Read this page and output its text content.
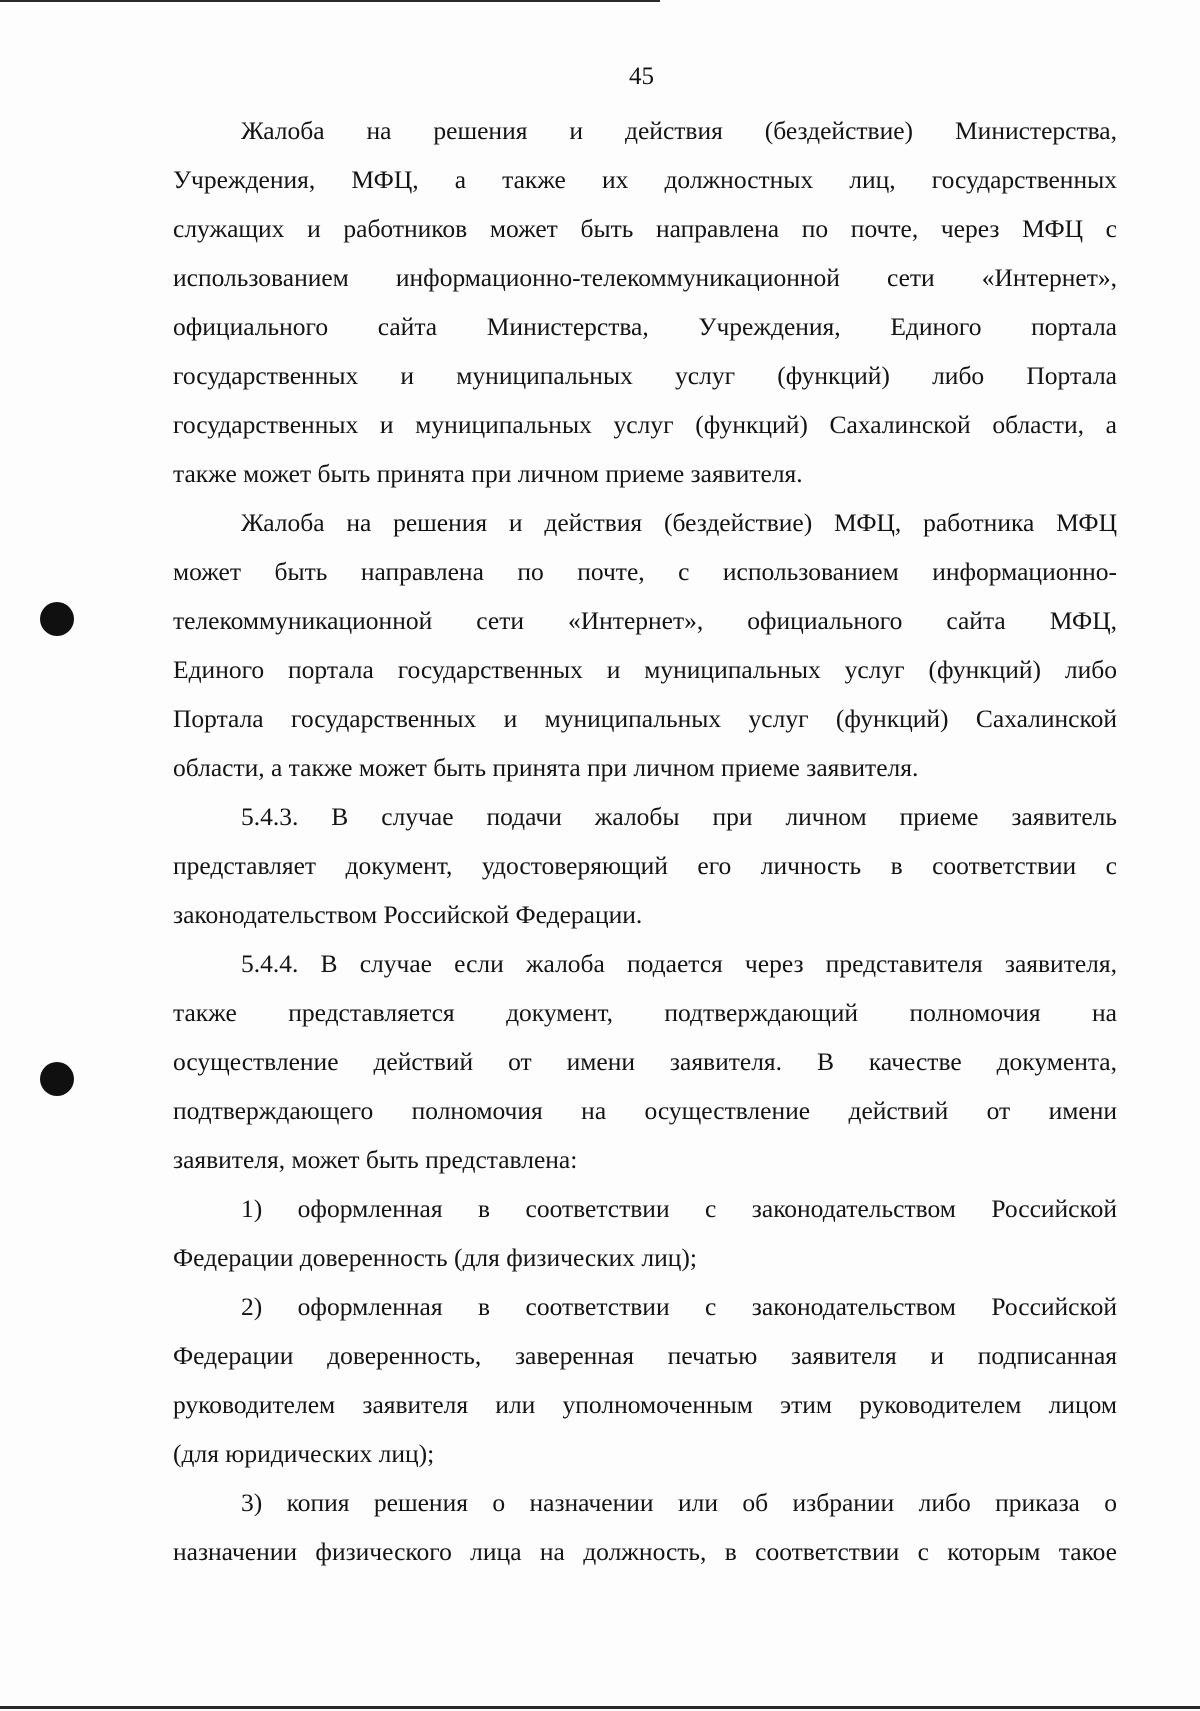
45
Жалоба на решения и действия (бездействие) Министерства,
Учреждения, МФЦ, а также их должностных лиц, государственных
служащих и работников может быть направлена по почте, через МФЦ с
использованием информационно-телекоммуникационной сети «Интернет»,
официального сайта Министерства, Учреждения, Единого портала
государственных и муниципальных услуг (функций) либо Портала
государственных и муниципальных услуг (функций) Сахалинской области, а
также может быть принята при личном приеме заявителя.
Жалоба на решения и действия (бездействие) МФЦ, работника МФЦ
может быть направлена по почте, с использованием информационно-
телекоммуникационной сети «Интернет», официального сайта МФЦ,
Единого портала государственных и муниципальных услуг (функций) либо
Портала государственных и муниципальных услуг (функций) Сахалинской
области, а также может быть принята при личном приеме заявителя.
5.4.3. В случае подачи жалобы при личном приеме заявитель
представляет документ, удостоверяющий его личность в соответствии с
законодательством Российской Федерации.
5.4.4. В случае если жалоба подается через представителя заявителя,
также представляется документ, подтверждающий полномочия на
осуществление действий от имени заявителя. В качестве документа,
подтверждающего полномочия на осуществление действий от имени
заявителя, может быть представлена:
1) оформленная в соответствии с законодательством Российской
Федерации доверенность (для физических лиц);
2) оформленная в соответствии с законодательством Российской
Федерации доверенность, заверенная печатью заявителя и подписанная
руководителем заявителя или уполномоченным этим руководителем лицом
(для юридических лиц);
3) копия решения о назначении или об избрании либо приказа о
назначении физического лица на должность, в соответствии с которым такое
